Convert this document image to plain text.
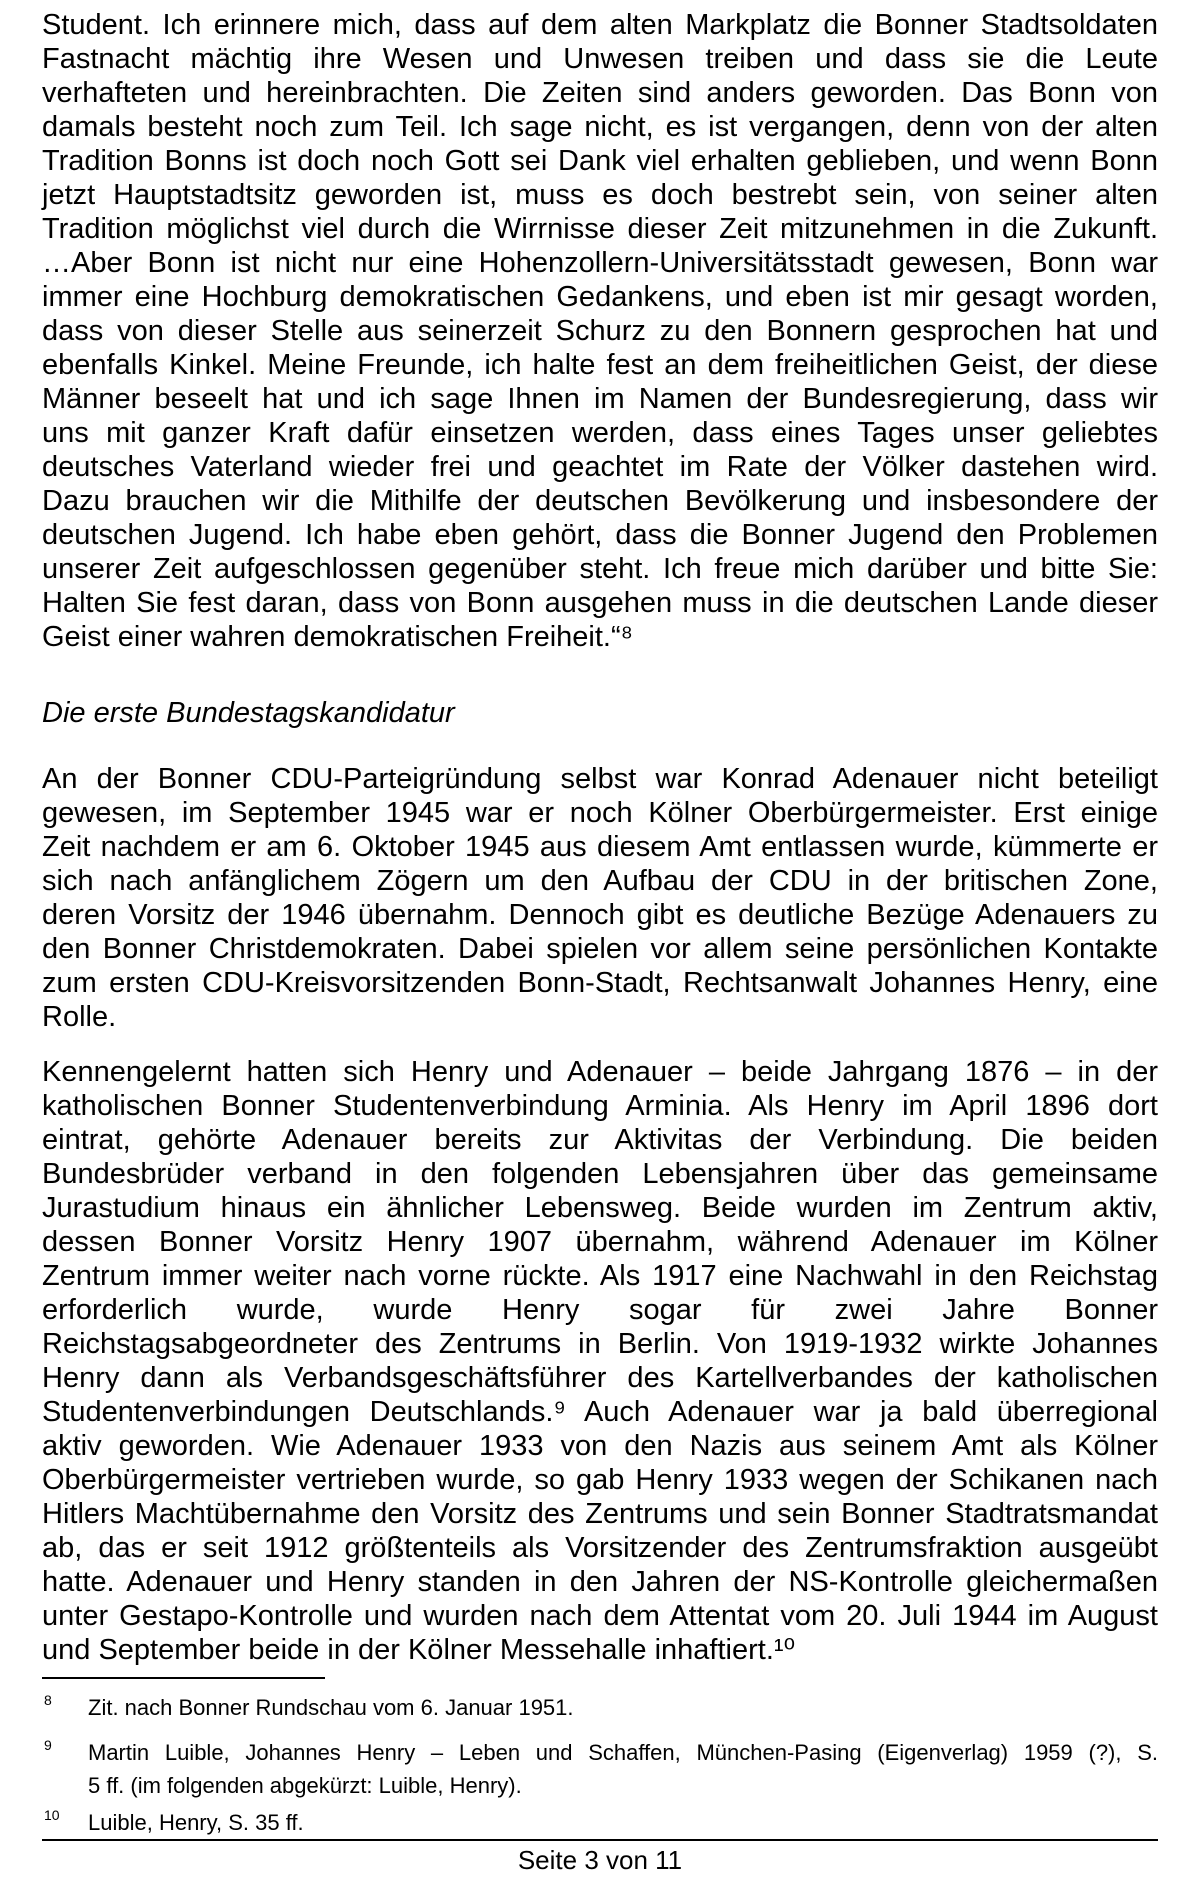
Student. Ich erinnere mich, dass auf dem alten Markplatz die Bonner Stadtsoldaten
Fastnacht mächtig ihre Wesen und Unwesen treiben und dass sie die Leute
verhafteten und hereinbrachten. Die Zeiten sind anders geworden. Das Bonn von
damals besteht noch zum Teil. Ich sage nicht, es ist vergangen, denn von der alten
Tradition Bonns ist doch noch Gott sei Dank viel erhalten geblieben, und wenn Bonn
jetzt Hauptstadtsitz geworden ist, muss es doch bestrebt sein, von seiner alten
Tradition möglichst viel durch die Wirrnisse dieser Zeit mitzunehmen in die Zukunft.
…Aber Bonn ist nicht nur eine Hohenzollern-Universitätsstadt gewesen, Bonn war
immer eine Hochburg demokratischen Gedankens, und eben ist mir gesagt worden,
dass von dieser Stelle aus seinerzeit Schurz zu den Bonnern gesprochen hat und
ebenfalls Kinkel. Meine Freunde, ich halte fest an dem freiheitlichen Geist, der diese
Männer beseelt hat und ich sage Ihnen im Namen der Bundesregierung, dass wir
uns mit ganzer Kraft dafür einsetzen werden, dass eines Tages unser geliebtes
deutsches Vaterland wieder frei und geachtet im Rate der Völker dastehen wird.
Dazu brauchen wir die Mithilfe der deutschen Bevölkerung und insbesondere der
deutschen Jugend. Ich habe eben gehört, dass die Bonner Jugend den Problemen
unserer Zeit aufgeschlossen gegenüber steht. Ich freue mich darüber und bitte Sie:
Halten Sie fest daran, dass von Bonn ausgehen muss in die deutschen Lande dieser
Geist einer wahren demokratischen Freiheit.“⁸
Die erste Bundestagskandidatur
An der Bonner CDU-Parteigründung selbst war Konrad Adenauer nicht beteiligt
gewesen, im September 1945 war er noch Kölner Oberbürgermeister. Erst einige
Zeit nachdem er am 6. Oktober 1945 aus diesem Amt entlassen wurde, kümmerte er
sich nach anfänglichem Zögern um den Aufbau der CDU in der britischen Zone,
deren Vorsitz der 1946 übernahm. Dennoch gibt es deutliche Bezüge Adenauers zu
den Bonner Christdemokraten. Dabei spielen vor allem seine persönlichen Kontakte
zum ersten CDU-Kreisvorsitzenden Bonn-Stadt, Rechtsanwalt Johannes Henry, eine
Rolle.
Kennengelernt hatten sich Henry und Adenauer – beide Jahrgang 1876 – in der
katholischen Bonner Studentenverbindung Arminia. Als Henry im April 1896 dort
eintrat, gehörte Adenauer bereits zur Aktivitas der Verbindung. Die beiden
Bundesbrüder verband in den folgenden Lebensjahren über das gemeinsame
Jurastudium hinaus ein ähnlicher Lebensweg. Beide wurden im Zentrum aktiv,
dessen Bonner Vorsitz Henry 1907 übernahm, während Adenauer im Kölner
Zentrum immer weiter nach vorne rückte. Als 1917 eine Nachwahl in den Reichstag
erforderlich wurde, wurde Henry sogar für zwei Jahre Bonner
Reichstagsabgeordneter des Zentrums in Berlin. Von 1919-1932 wirkte Johannes
Henry dann als Verbandsgeschäftsführer des Kartellverbandes der katholischen
Studentenverbindungen Deutschlands.⁹ Auch Adenauer war ja bald überregional
aktiv geworden. Wie Adenauer 1933 von den Nazis aus seinem Amt als Kölner
Oberbürgermeister vertrieben wurde, so gab Henry 1933 wegen der Schikanen nach
Hitlers Machtübernahme den Vorsitz des Zentrums und sein Bonner Stadtratsmandat
ab, das er seit 1912 größtenteils als Vorsitzender des Zentrumsfraktion ausgeübt
hatte. Adenauer und Henry standen in den Jahren der NS-Kontrolle gleichermaßen
unter Gestapo-Kontrolle und wurden nach dem Attentat vom 20. Juli 1944 im August
und September beide in der Kölner Messehalle inhaftiert.¹⁰
8 Zit. nach Bonner Rundschau vom 6. Januar 1951.
9 Martin Luible, Johannes Henry – Leben und Schaffen, München-Pasing (Eigenverlag) 1959 (?), S.
5 ff. (im folgenden abgekürzt: Luible, Henry).
10 Luible, Henry, S. 35 ff.
Seite 3 von 11
